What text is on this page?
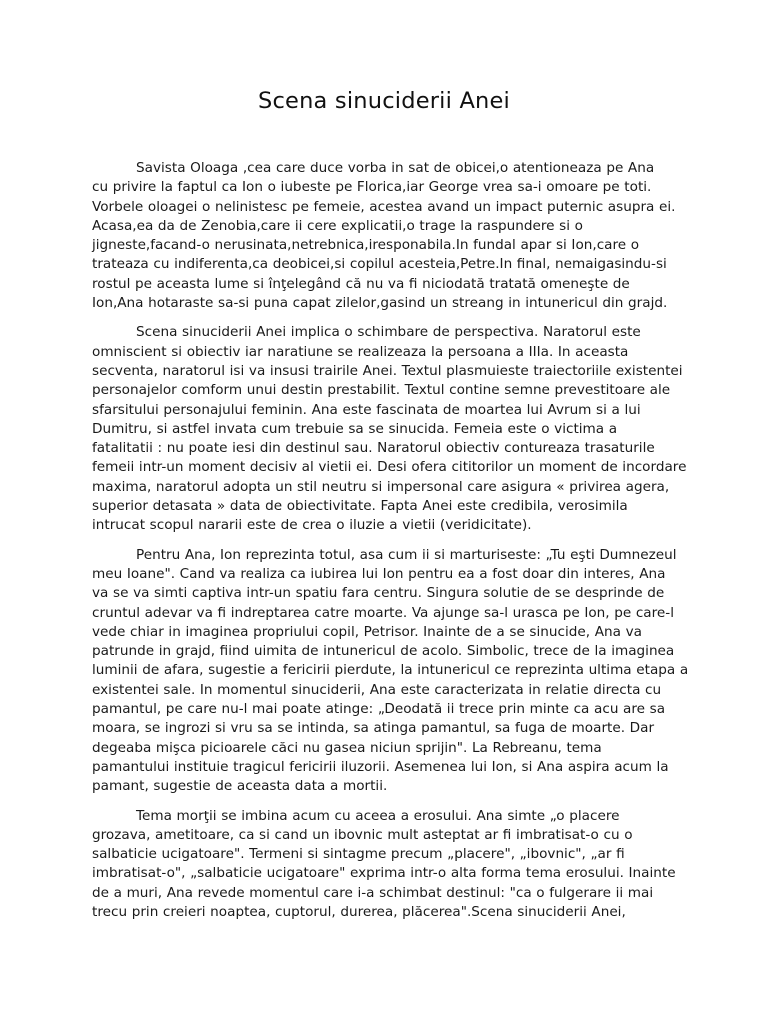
Scena sinuciderii Anei

Savista Oloaga ,cea care duce vorba in sat de obicei,o atentioneaza pe Ana
cu privire la faptul ca Ion o iubeste pe Florica,iar George vrea sa-i omoare pe toti.
Vorbele oloagei o nelinistesc pe femeie, acestea avand un impact puternic asupra ei.
Acasa,ea da de Zenobia,care ii cere explicatii,o trage la raspundere si o
jigneste,facand-o nerusinata,netrebnica,iresponabila.In fundal apar si Ion,care o
trateaza cu indiferenta,ca deobicei,si copilul acesteia,Petre.In final, nemaigasindu-si
rostul pe aceasta lume si înţelegând că nu va fi niciodată tratată omeneşte de
Ion,Ana hotaraste sa-si puna capat zilelor,gasind un streang in intunericul din grajd.

Scena sinuciderii Anei implica o schimbare de perspectiva. Naratorul este
omniscient si obiectiv iar naratiune se realizeaza la persoana a IIIa. In aceasta
secventa, naratorul isi va insusi trairile Anei. Textul plasmuieste traiectoriile existentei
personajelor comform unui destin prestabilit. Textul contine semne prevestitoare ale
sfarsitului personajului feminin. Ana este fascinata de moartea lui Avrum si a lui
Dumitru, si astfel invata cum trebuie sa se sinucida. Femeia este o victima a
fatalitatii : nu poate iesi din destinul sau. Naratorul obiectiv contureaza trasaturile
femeii intr-un moment decisiv al vietii ei. Desi ofera cititorilor un moment de incordare
maxima, naratorul adopta un stil neutru si impersonal care asigura « privirea agera,
superior detasata » data de obiectivitate. Fapta Anei este credibila, verosimila
intrucat scopul nararii este de crea o iluzie a vietii (veridicitate).

Pentru Ana, Ion reprezinta totul, asa cum ii si marturiseste: „Tu eşti Dumnezeul
meu Ioane". Cand va realiza ca iubirea lui Ion pentru ea a fost doar din interes, Ana
va se va simti captiva intr-un spatiu fara centru. Singura solutie de se desprinde de
cruntul adevar va fi indreptarea catre moarte. Va ajunge sa-l urasca pe Ion, pe care-l
vede chiar in imaginea propriului copil, Petrisor. Inainte de a se sinucide, Ana va
patrunde in grajd, fiind uimita de intunericul de acolo. Simbolic, trece de la imaginea
luminii de afara, sugestie a fericirii pierdute, la intunericul ce reprezinta ultima etapa a
existentei sale. In momentul sinuciderii, Ana este caracterizata in relatie directa cu
pamantul, pe care nu-l mai poate atinge: „Deodată ii trece prin minte ca acu are sa
moara, se ingrozi si vru sa se intinda, sa atinga pamantul, sa fuga de moarte. Dar
degeaba mişca picioarele căci nu gasea niciun sprijin". La Rebreanu, tema
pamantului instituie tragicul fericirii iluzorii. Asemenea lui Ion, si Ana aspira acum la
pamant, sugestie de aceasta data a mortii.

Tema morţii se imbina acum cu aceea a erosului. Ana simte „o placere
grozava, ametitoare, ca si cand un ibovnic mult asteptat ar fi imbratisat-o cu o
salbaticie ucigatoare". Termeni si sintagme precum „placere", „ibovnic", „ar fi
imbratisat-o", „salbaticie ucigatoare" exprima intr-o alta forma tema erosului. Inainte
de a muri, Ana revede momentul care i-a schimbat destinul: "ca o fulgerare ii mai
trecu prin creieri noaptea, cuptorul, durerea, plăcerea".Scena sinuciderii Anei,
